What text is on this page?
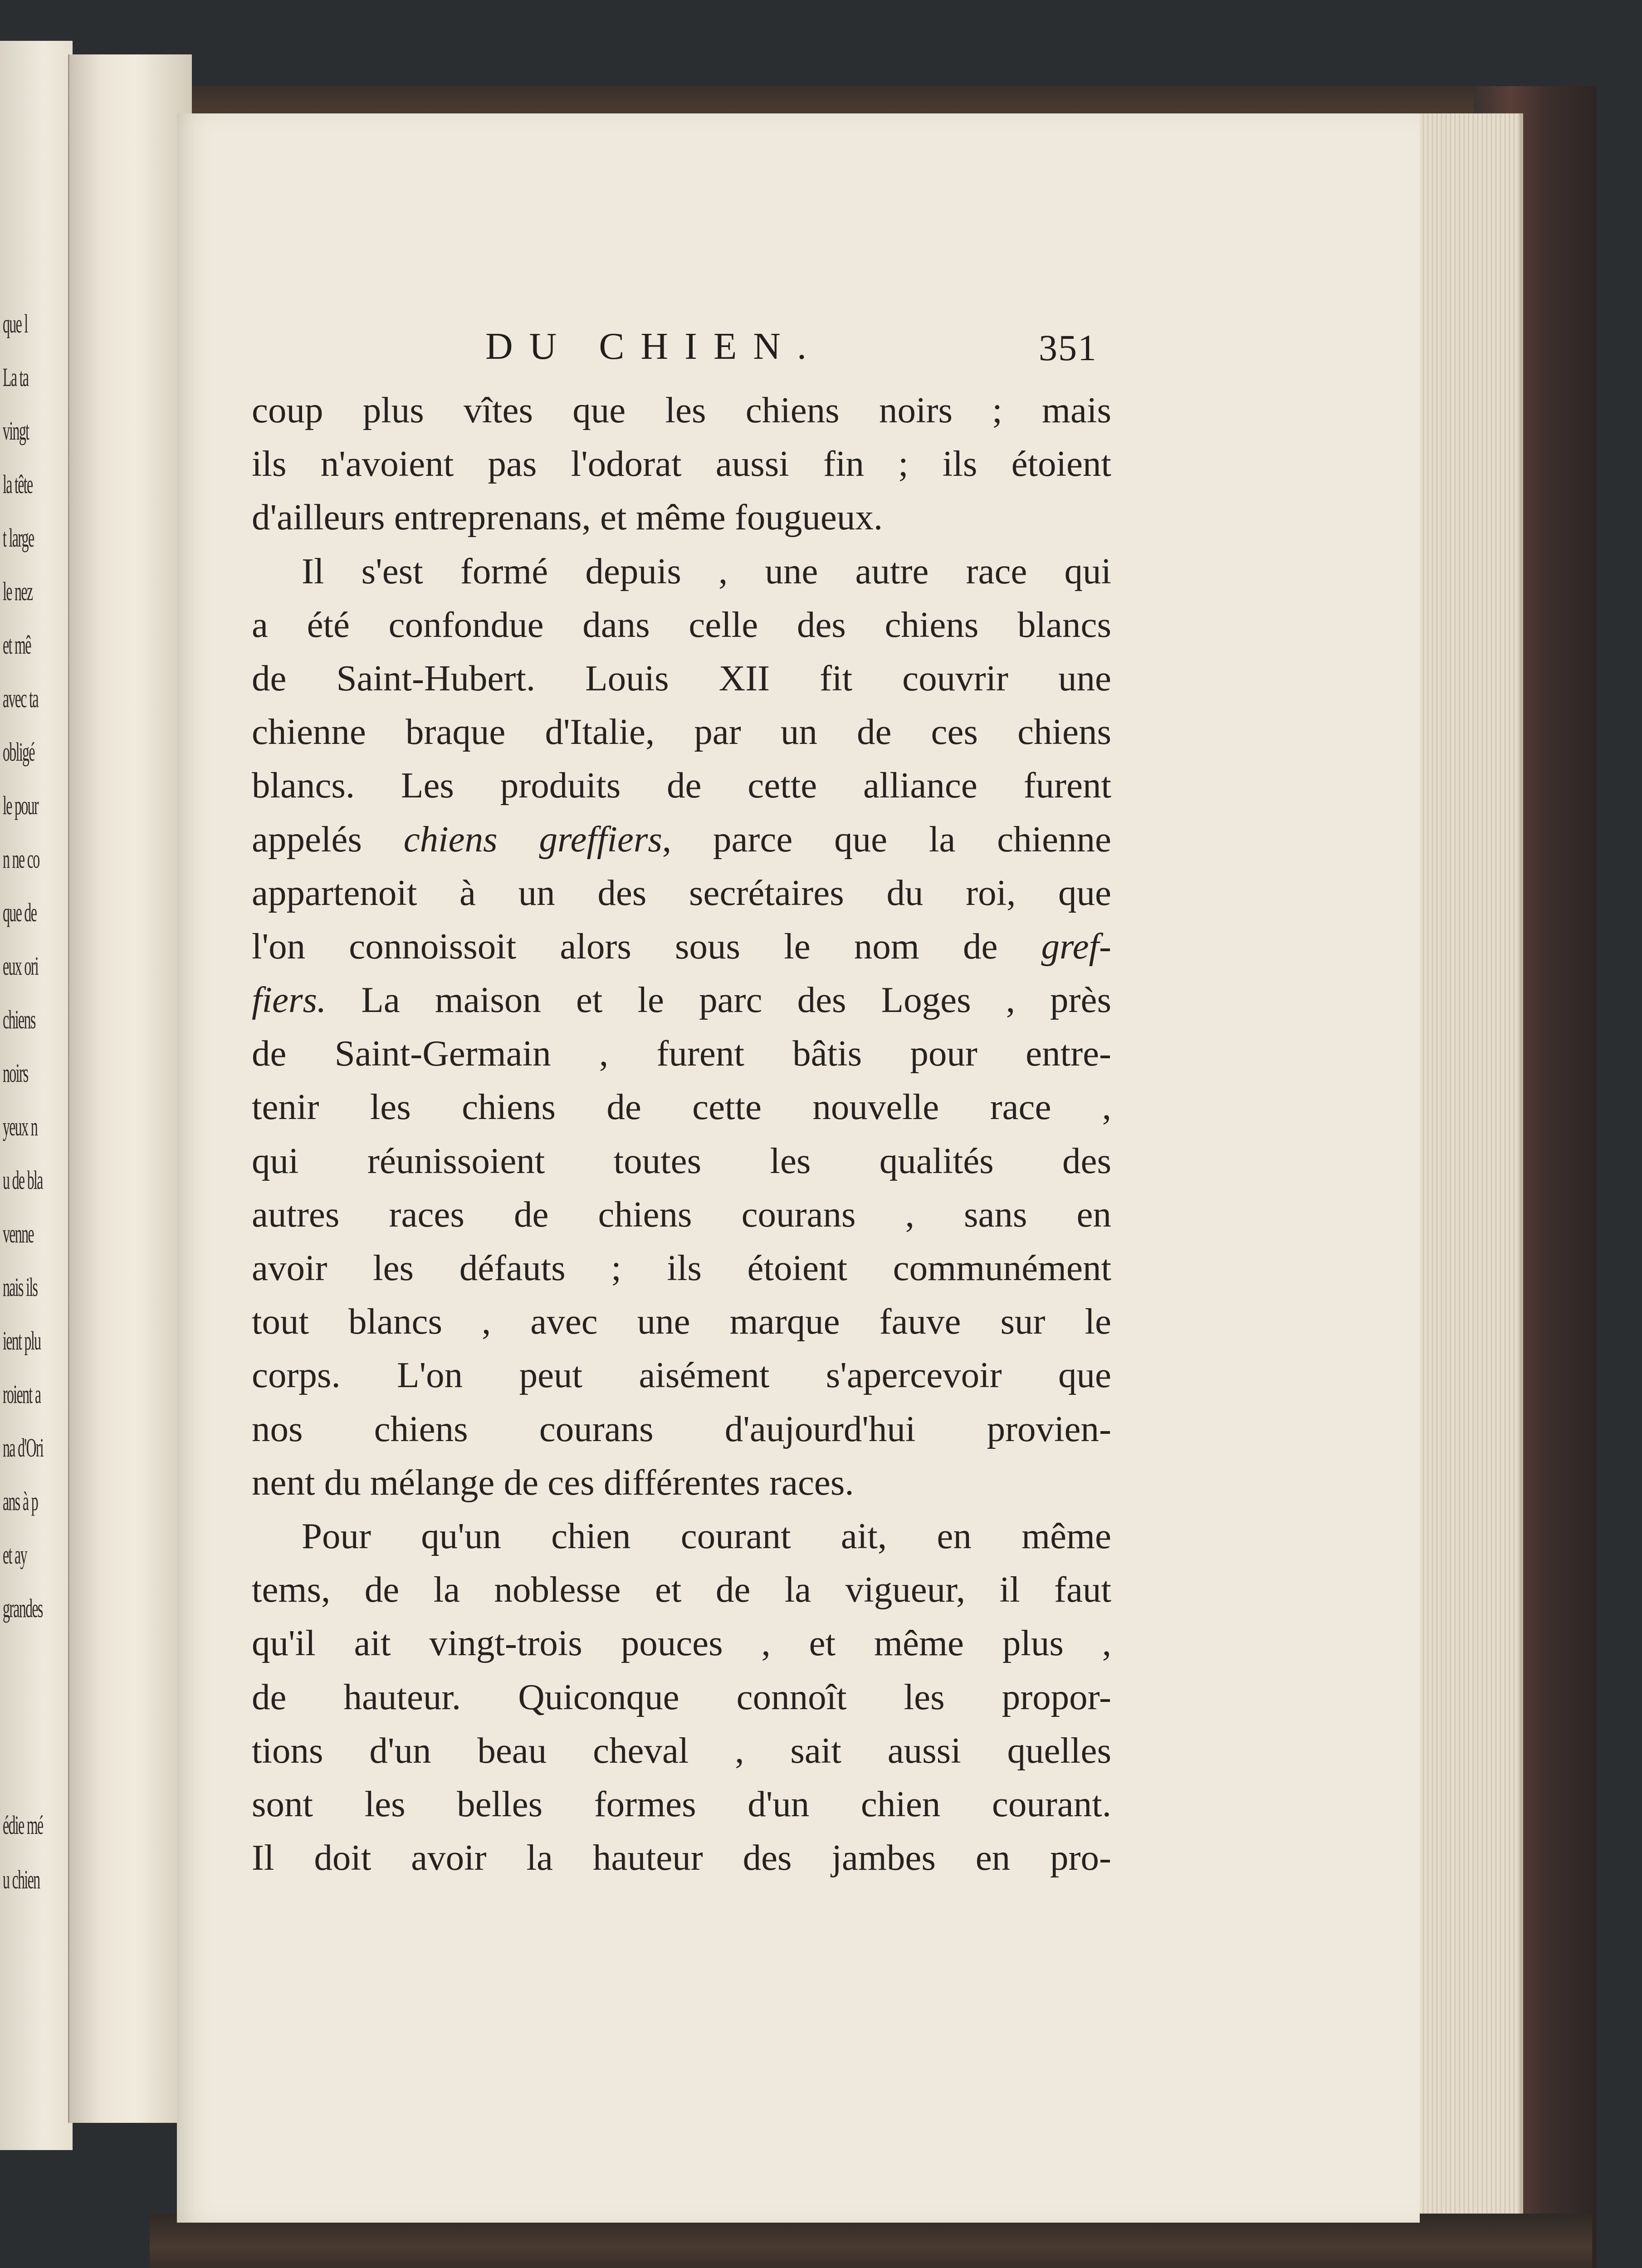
que l
La ta
vingt
la tête
t large
le nez
et mê
avec ta
obligé
le pour
n ne co
que de
eux ori
chiens
noirs
yeux n
u de bla
venne
nais ils
ient plu
roient a
na d'Ori
ans à p
et ay
grandes
édie mé
u chien
DU CHIEN.	351
coup plus vîtes que les chiens noirs ; mais
ils n'avoient pas l'odorat aussi fin ; ils étoient
d'ailleurs entreprenans, et même fougueux.
Il s'est formé depuis , une autre race qui
a été confondue dans celle des chiens blancs
de Saint-Hubert. Louis XII fit couvrir une
chienne braque d'Italie, par un de ces chiens
blancs. Les produits de cette alliance furent
appelés chiens greffiers, parce que la chienne
appartenoit à un des secrétaires du roi, que
l'on connoissoit alors sous le nom de gref-
fiers. La maison et le parc des Loges , près
de Saint-Germain , furent bâtis pour entre-
tenir les chiens de cette nouvelle race ,
qui réunissoient toutes les qualités des
autres races de chiens courans , sans en
avoir les défauts ; ils étoient communément
tout blancs , avec une marque fauve sur le
corps. L'on peut aisément s'apercevoir que
nos chiens courans d'aujourd'hui provien-
nent du mélange de ces différentes races.
Pour qu'un chien courant ait, en même
tems, de la noblesse et de la vigueur, il faut
qu'il ait vingt-trois pouces , et même plus ,
de hauteur. Quiconque connoît les propor-
tions d'un beau cheval , sait aussi quelles
sont les belles formes d'un chien courant.
Il doit avoir la hauteur des jambes en pro-
